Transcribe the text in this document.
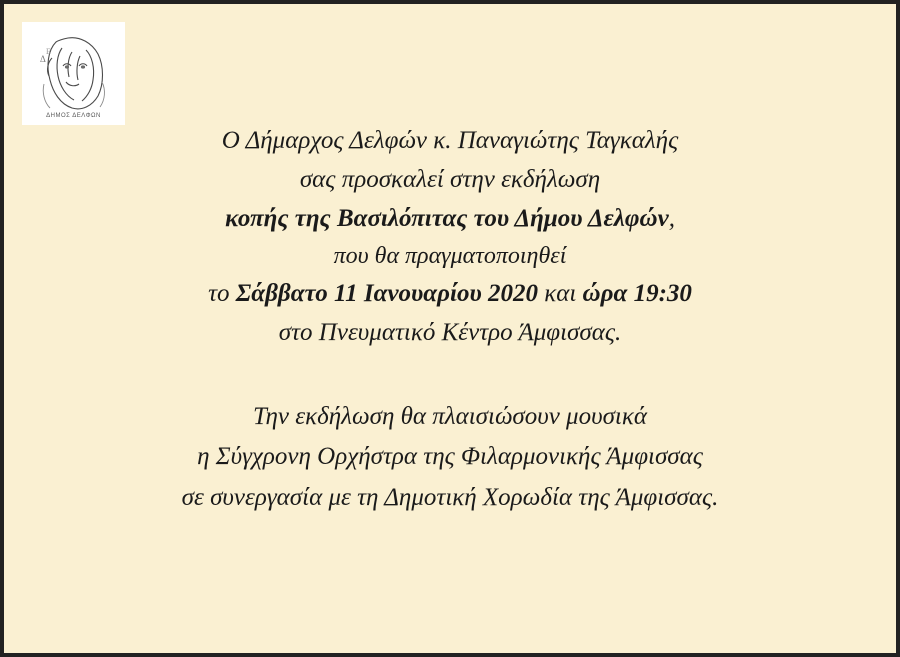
Δ
Ε
ΔΗΜΟΣ ΔΕΛΦΩΝ
Ο Δήμαρχος Δελφών κ. Παναγιώτης Ταγκαλής
σας προσκαλεί στην εκδήλωση
κοπής της Βασιλόπιτας του Δήμου Δελφών,
που θα πραγματοποιηθεί
το Σάββατο 11 Ιανουαρίου 2020 και ώρα 19:30
στο Πνευματικό Κέντρο Άμφισσας.
Την εκδήλωση θα πλαισιώσουν μουσικά
η Σύγχρονη Ορχήστρα της Φιλαρμονικής Άμφισσας
σε συνεργασία με τη Δημοτική Χορωδία της Άμφισσας.
